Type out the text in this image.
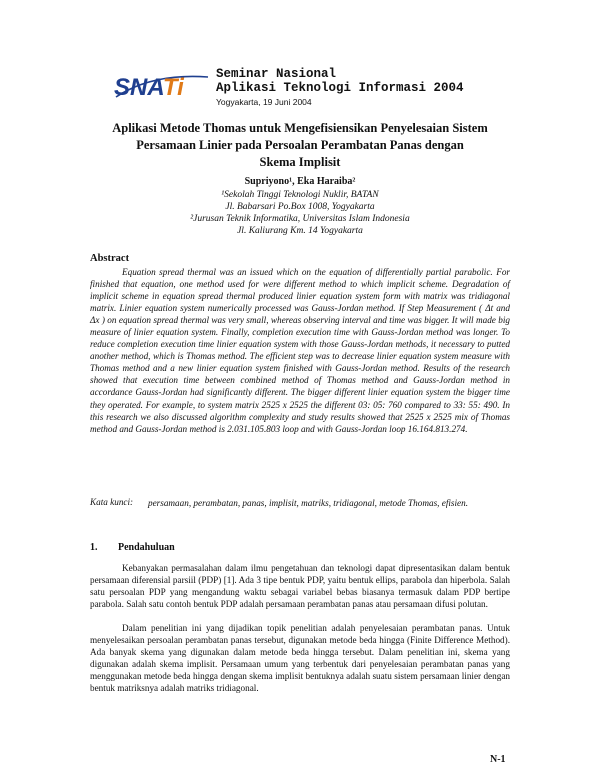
SNATi	Seminar Nasional
Aplikasi Teknologi Informasi 2004
Yogyakarta, 19 Juni 2004
Aplikasi Metode Thomas untuk Mengefisiensikan Penyelesaian Sistem
Persamaan Linier pada Persoalan Perambatan Panas dengan
Skema Implisit
Supriyono¹, Eka Haraiba²
¹Sekolah Tinggi Teknologi Nuklir, BATAN
Jl. Babarsari Po.Box 1008, Yogyakarta
²Jurusan Teknik Informatika, Universitas Islam Indonesia
Jl. Kaliurang Km. 14 Yogyakarta
Abstract
Equation spread thermal was an issued which on the equation of differentially partial parabolic. For finished that equation, one method used for were different method to which implicit scheme. Degradation of implicit scheme in equation spread thermal produced linier equation system form with matrix was tridiagonal matrix. Linier equation system numerically processed was Gauss-Jordan method. If Step Measurement ( Δt and Δx ) on equation spread thermal was very small, whereas observing interval and time was bigger. It will made big measure of linier equation system. Finally, completion execution time with Gauss-Jordan method was longer. To reduce completion execution time linier equation system with those Gauss-Jordan methods, it necessary to putted another method, which is Thomas method. The efficient step was to decrease linier equation system measure with Thomas method and a new linier equation system finished with Gauss-Jordan method. Results of the research showed that execution time between combined method of Thomas method and Gauss-Jordan method in accordance Gauss-Jordan had significantly different. The bigger different linier equation system the bigger time they operated. For example, to system matrix 2525 x 2525 the different 03: 05: 760 compared to 33: 55: 490. In this research we also discussed algorithm complexity and study results showed that 2525 x 2525 mix of Thomas method and Gauss-Jordan method is 2.031.105.803 loop and with Gauss-Jordan loop 16.164.813.274.
Kata kunci: persamaan, perambatan, panas, implisit, matriks, tridiagonal, metode Thomas, efisien.
1. Pendahuluan
Kebanyakan permasalahan dalam ilmu pengetahuan dan teknologi dapat dipresentasikan dalam bentuk persamaan diferensial parsiil (PDP) [1]. Ada 3 tipe bentuk PDP, yaitu bentuk ellips, parabola dan hiperbola. Salah satu persoalan PDP yang mengandung waktu sebagai variabel bebas biasanya termasuk dalam PDP bertipe parabola. Salah satu contoh bentuk PDP adalah persamaan perambatan panas atau persamaan difusi polutan.
Dalam penelitian ini yang dijadikan topik penelitian adalah penyelesaian perambatan panas. Untuk menyelesaikan persoalan perambatan panas tersebut, digunakan metode beda hingga (Finite Difference Method). Ada banyak skema yang digunakan dalam metode beda hingga tersebut. Dalam penelitian ini, skema yang digunakan adalah skema implisit. Persamaan umum yang terbentuk dari penyelesaian perambatan panas yang menggunakan metode beda hingga dengan skema implisit bentuknya adalah suatu sistem persamaan linier dengan bentuk matriksnya adalah matriks tridiagonal.
N-1
